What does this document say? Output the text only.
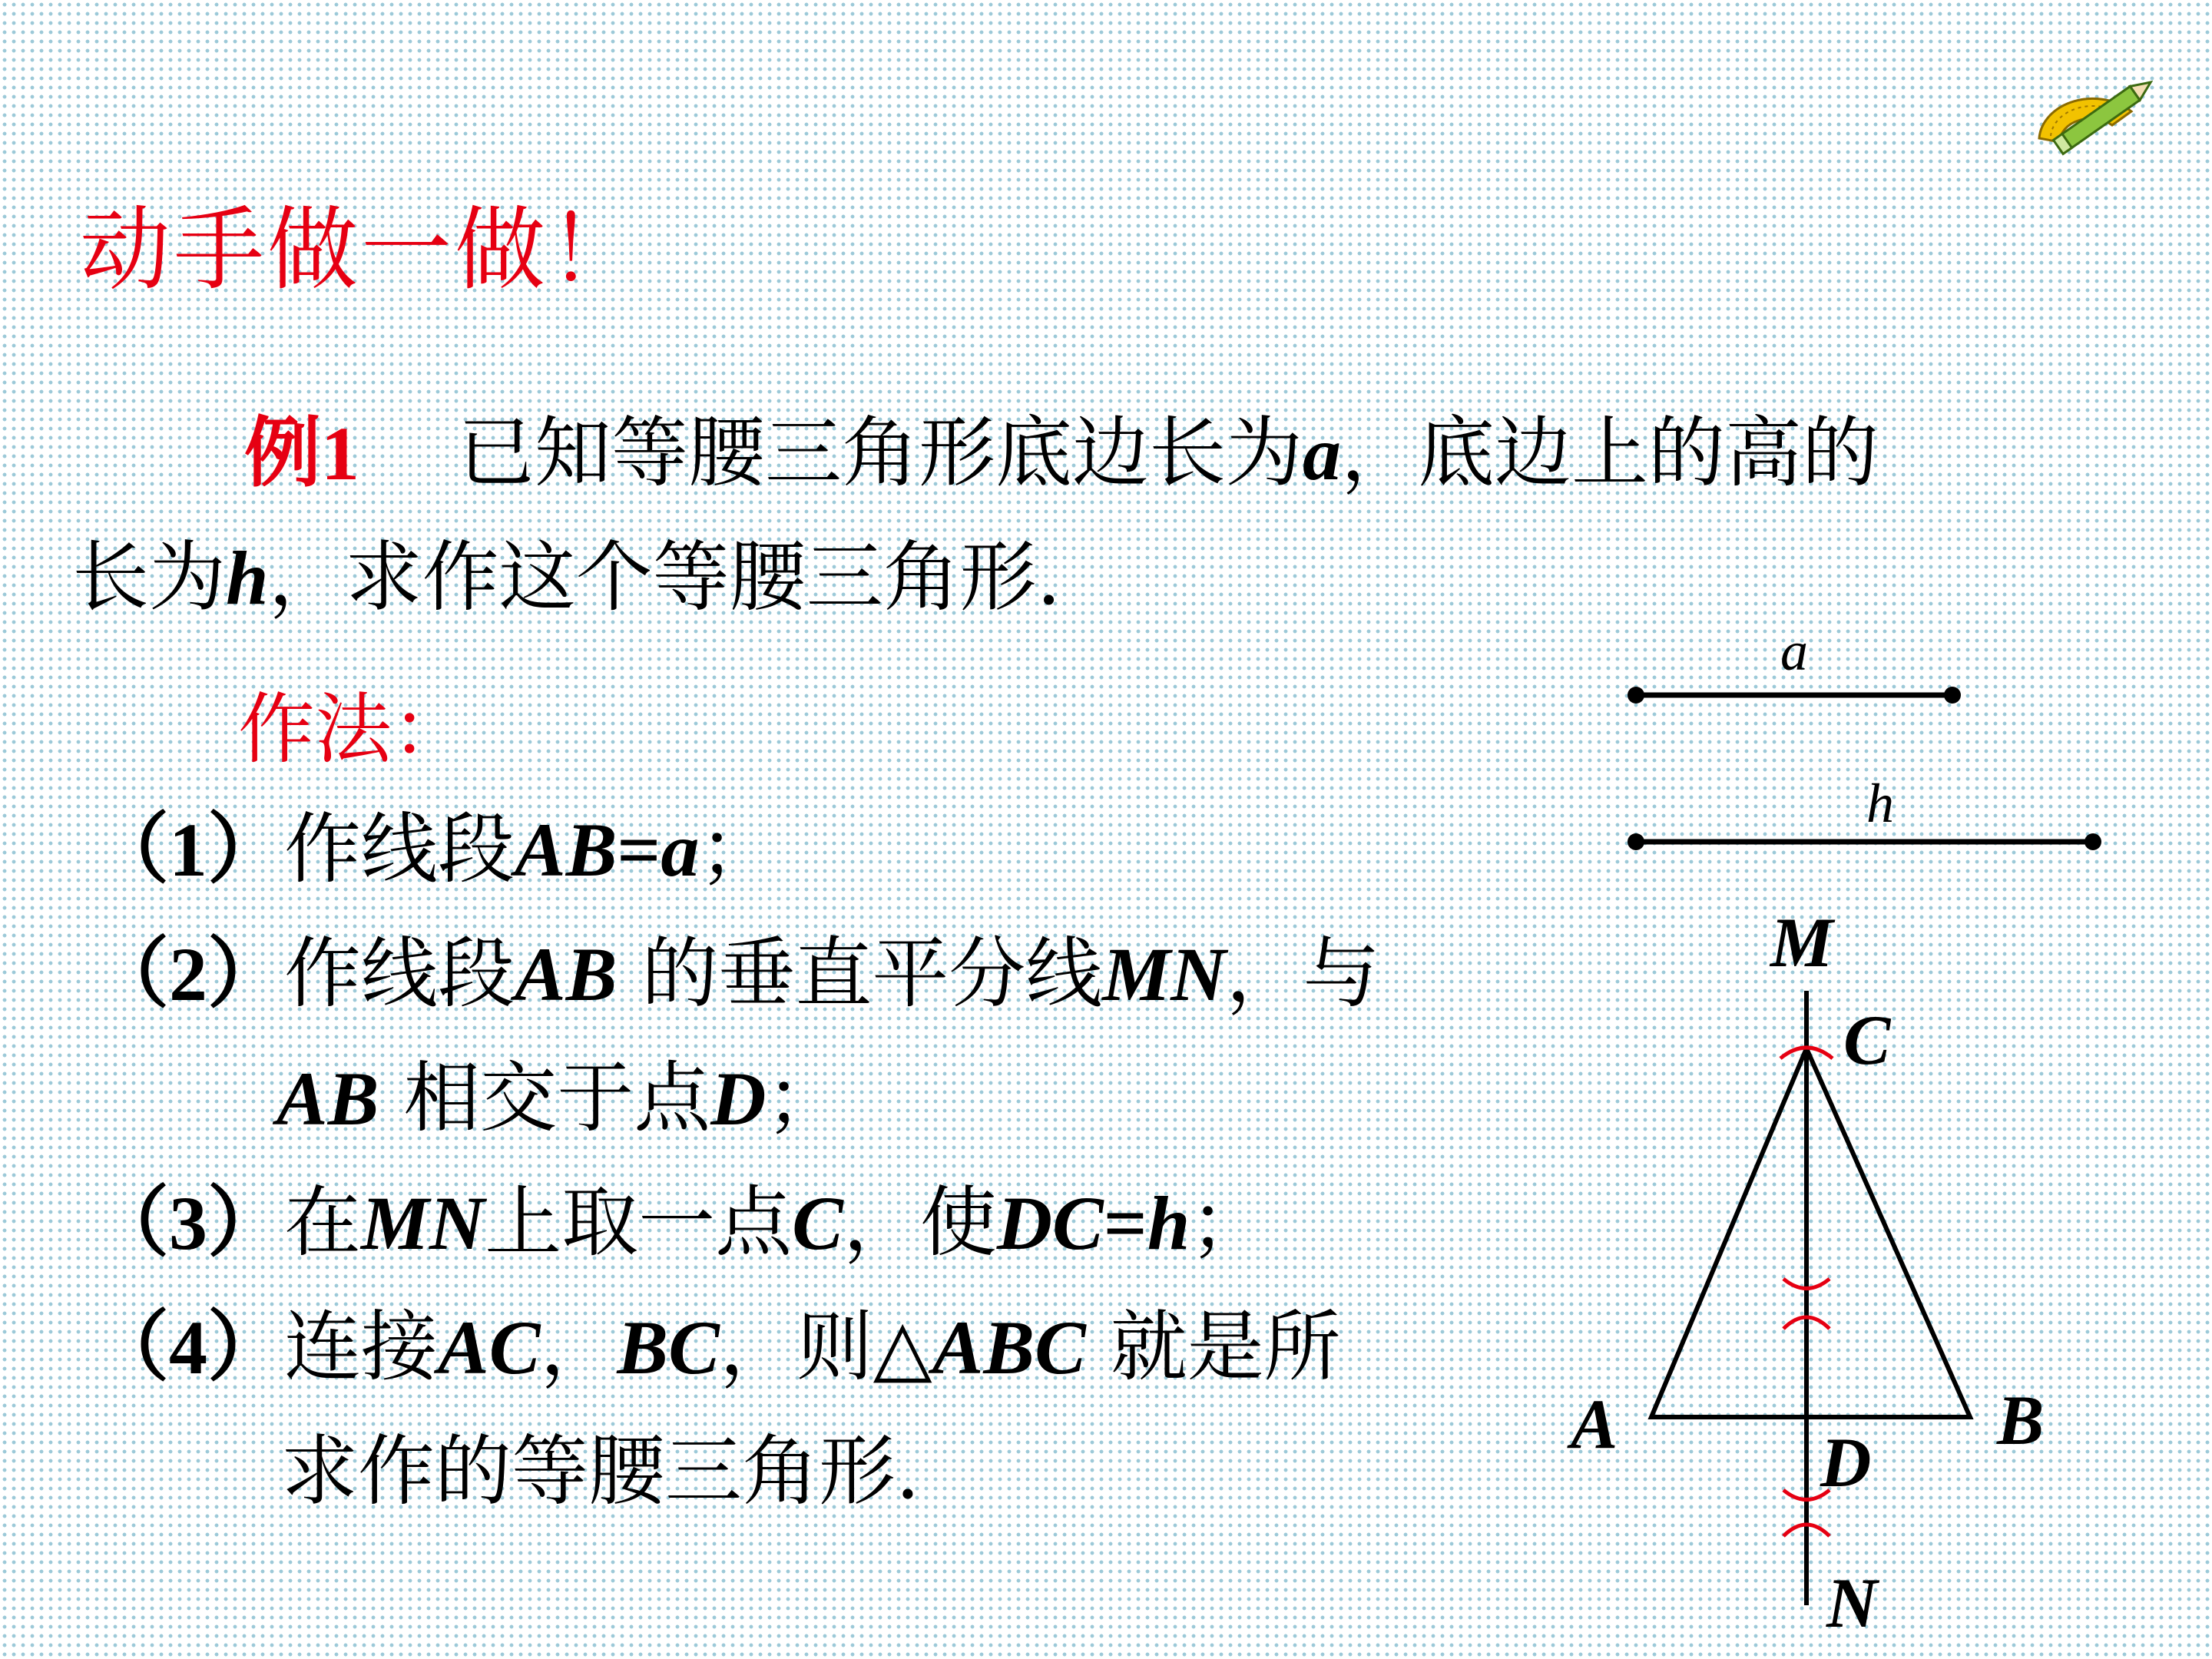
动手做一做！
例1 已知等腰三角形底边长为a，底边上的高的
长为h，求作这个等腰三角形.
作法：
（1）作线段AB=a；
（2）作线段AB 的垂直平分线MN，与
AB 相交于点D；
（3）在MN上取一点C，使DC=h；
（4）连接AC，BC，则△ABC 就是所
求作的等腰三角形.
a
h
M
C
A	B
D
N
